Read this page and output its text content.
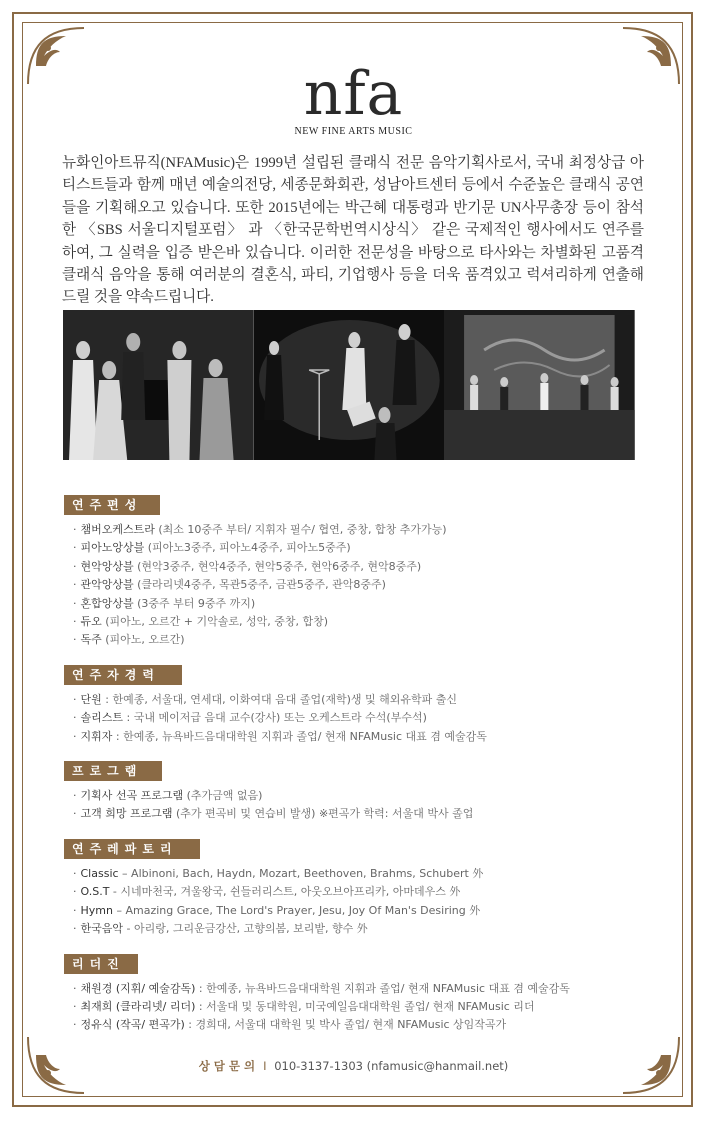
nfa
NEW FINE ARTS MUSIC
뉴화인아트뮤직(NFAMusic)은 1999년 설립된 클래식 전문 음악기획사로서, 국내 최정상급 아티스트들과 함께 매년 예술의전당, 세종문화회관, 성남아트센터 등에서 수준높은 클래식 공연들을 기획해오고 있습니다. 또한 2015년에는 박근혜 대통령과 반기문 UN사무총장 등이 참석한 〈SBS 서울디지털포럼〉 과 〈한국문학번역시상식〉 같은 국제적인 행사에서도 연주를 하여, 그 실력을 입증 받은바 있습니다. 이러한 전문성을 바탕으로 타사와는 차별화된 고품격 클래식 음악을 통해 여러분의 결혼식, 파티, 기업행사 등을 더욱 품격있고 럭셔리하게 연출해드릴 것을 약속드립니다.
연주편성
· 챔버오케스트라 (최소 10중주 부터/ 지휘자 필수/ 협연, 중창, 합창 추가가능)
· 피아노앙상블 (피아노3중주, 피아노4중주, 피아노5중주)
· 현악앙상블 (현악3중주, 현악4중주, 현악5중주, 현악6중주, 현악8중주)
· 관악앙상블 (클라리넷4중주, 목관5중주, 금관5중주, 관악8중주)
· 혼합앙상블 (3중주 부터 9중주 까지)
· 듀오 (피아노, 오르간 + 기악솔로, 성악, 중창, 합창)
· 독주 (피아노, 오르간)
연주자경력
· 단원 : 한예종, 서울대, 연세대, 이화여대 음대 졸업(재학)생 및 해외유학파 출신
· 솔리스트 : 국내 메이저급 음대 교수(강사) 또는 오케스트라 수석(부수석)
· 지휘자 : 한예종, 뉴욕바드음대대학원 지휘과 졸업/ 현재 NFAMusic 대표 겸 예술감독
프로그램
· 기획사 선곡 프로그램 (추가금액 없음)
· 고객 희망 프로그램 (추가 편곡비 및 연습비 발생) ※편곡가 학력: 서울대 박사 졸업
연주레파토리
· Classic – Albinoni, Bach, Haydn, Mozart, Beethoven, Brahms, Schubert 外
· O.S.T - 시네마천국, 겨울왕국, 쉰들러리스트, 아웃오브아프리카, 아마데우스 外
· Hymn – Amazing Grace, The Lord's Prayer, Jesu, Joy Of Man's Desiring 外
· 한국음악 - 아리랑, 그리운금강산, 고향의봄, 보리밭, 향수 外
리더진
· 채원경 (지휘/ 예술감독) : 한예종, 뉴욕바드음대대학원 지휘과 졸업/ 현재 NFAMusic 대표 겸 예술감독
· 최재희 (클라리넷/ 리더) : 서울대 및 동대학원, 미국예일음대대학원 졸업/ 현재 NFAMusic 리더
· 정유식 (작곡/ 편곡가) : 경희대, 서울대 대학원 및 박사 졸업/ 현재 NFAMusic 상임작곡가
상담문의 I 010-3137-1303 (nfamusic@hanmail.net)
